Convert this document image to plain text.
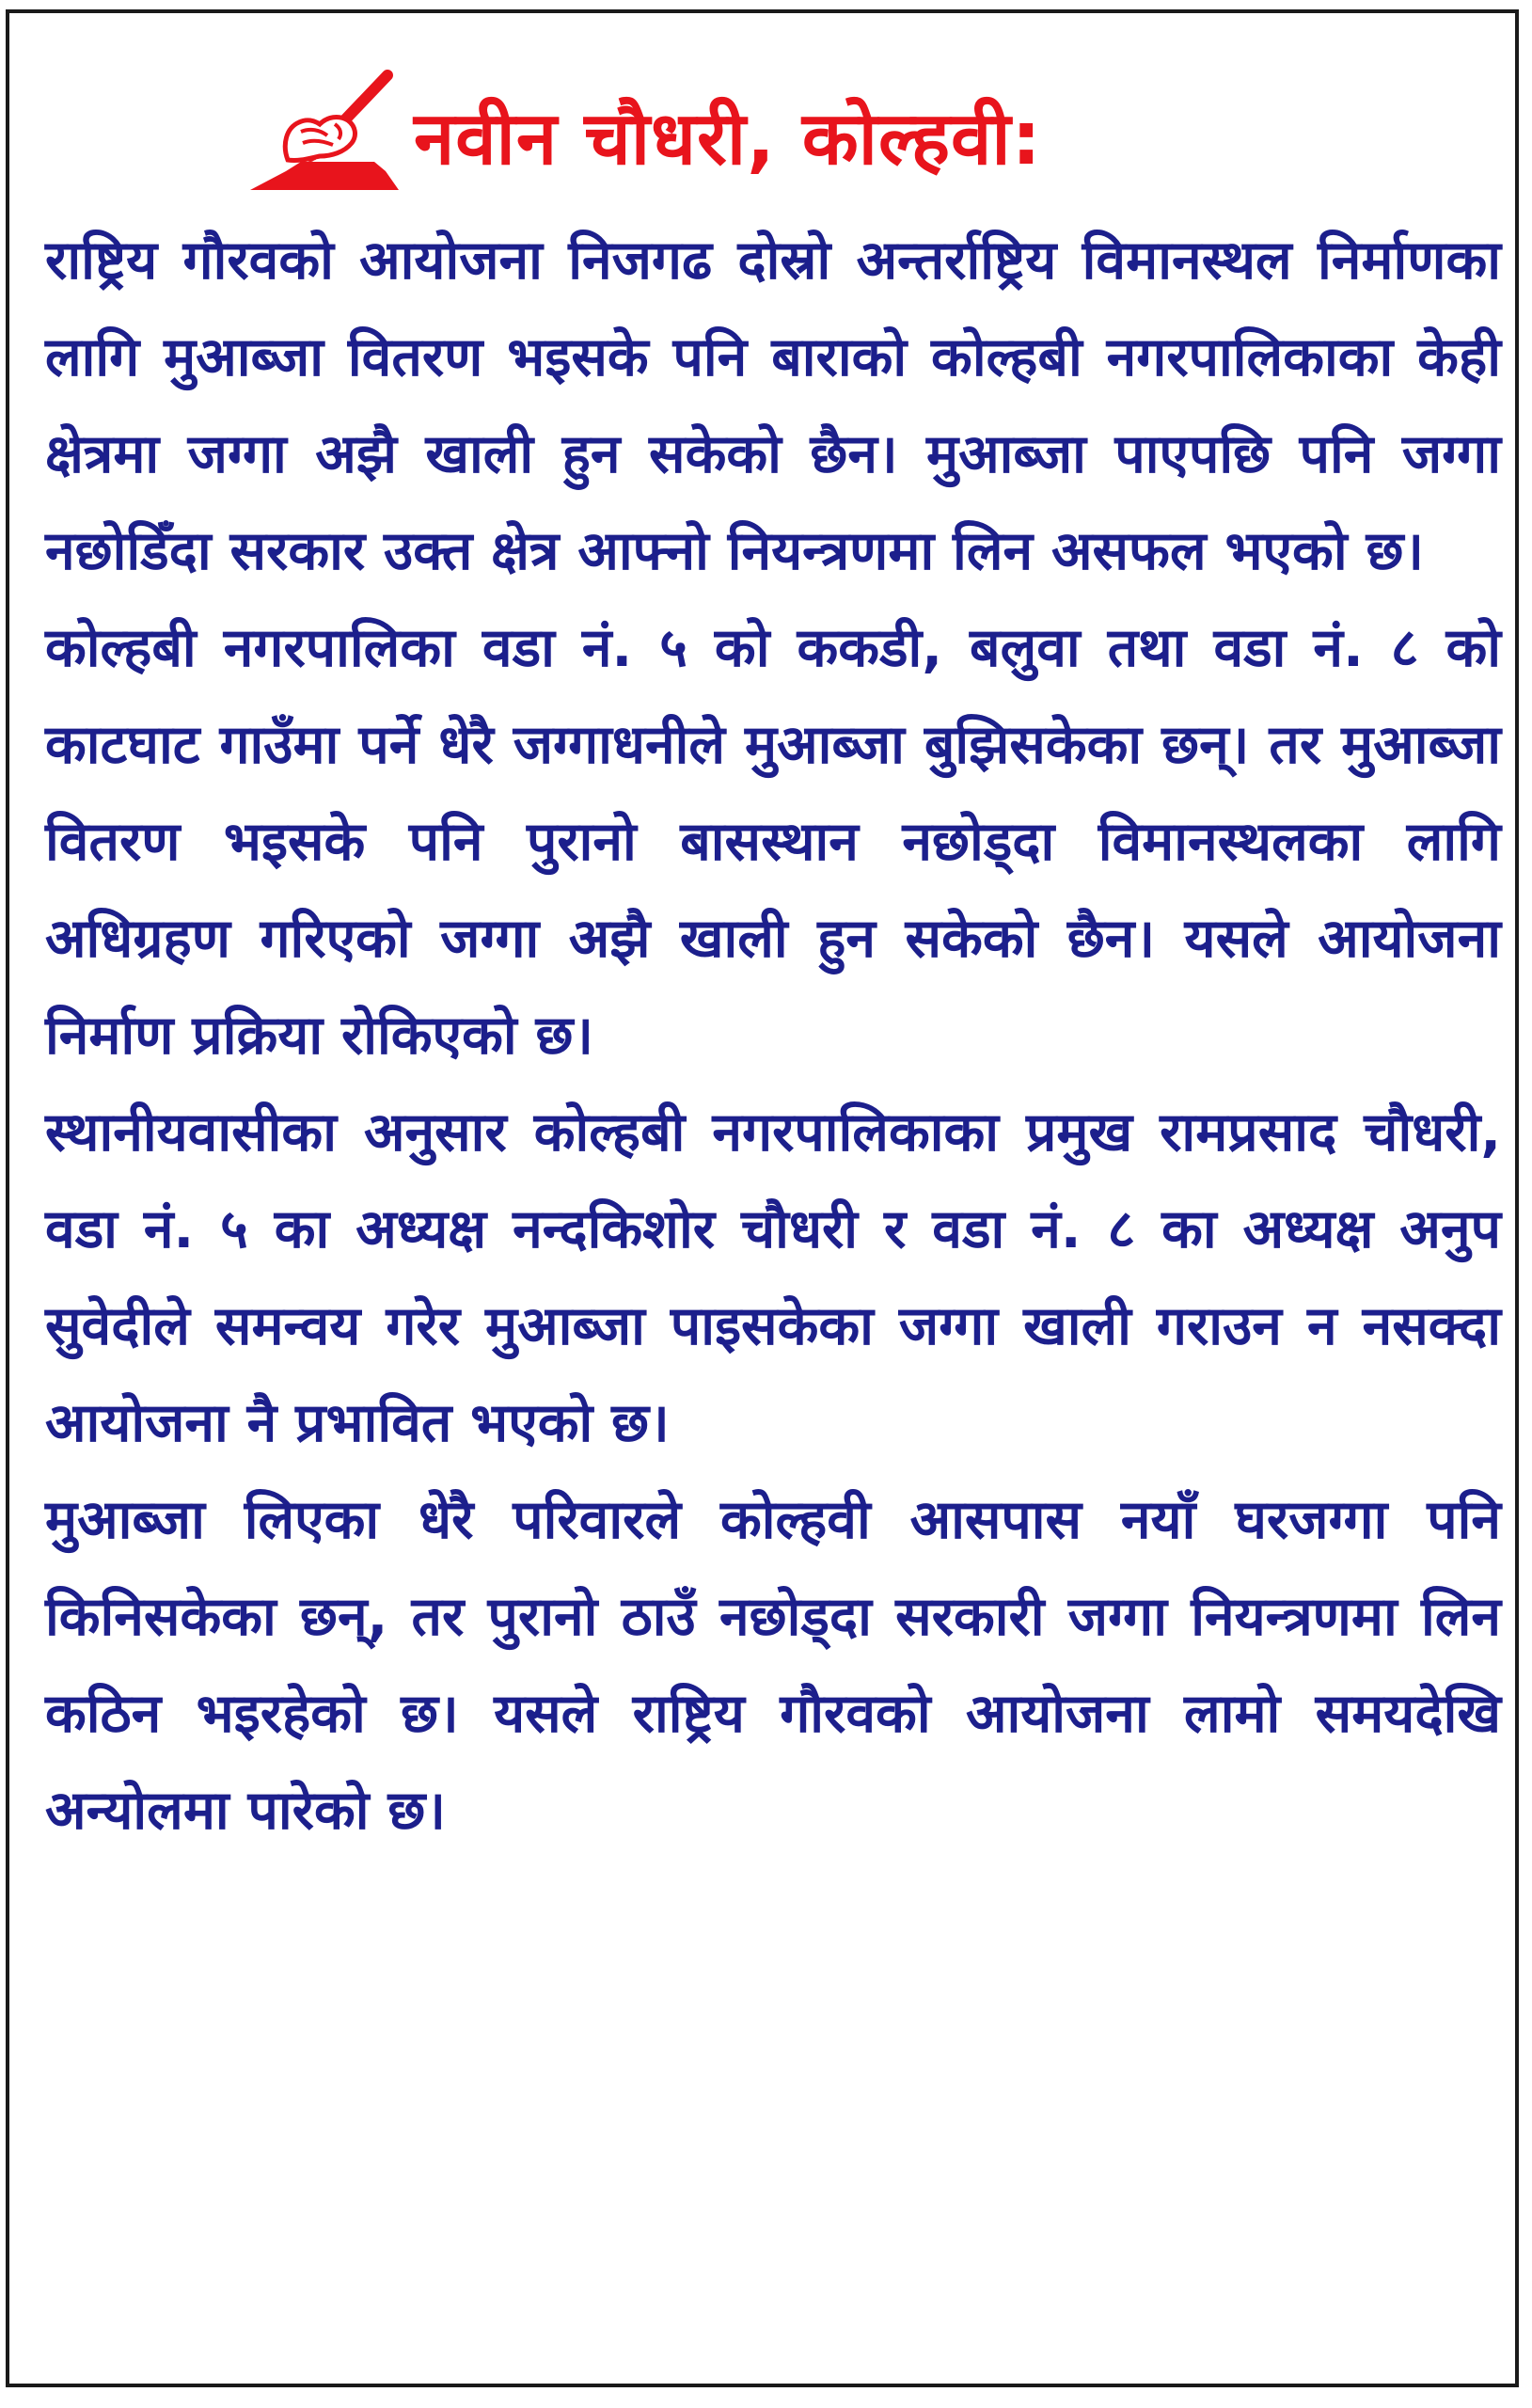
नवीन चौधरी, कोल्हवी:

राष्ट्रिय गौरवको आयोजना निजगढ दोस्रो अन्तर्राष्ट्रिय विमानस्थल निर्माणका लागि मुआब्जा वितरण भइसके पनि बाराको कोल्हबी नगरपालिकाका केही क्षेत्रमा जग्गा अझै खाली हुन सकेको छैन। मुआब्जा पाएपछि पनि जग्गा नछोडिँदा सरकार उक्त क्षेत्र आफ्नो नियन्त्रणमा लिन असफल भएको छ।

कोल्हबी नगरपालिका वडा नं. ५ को ककडी, बलुवा तथा वडा नं. ८ को काटघाट गाउँमा पर्ने धेरै जग्गाधनीले मुआब्जा बुझिसकेका छन्। तर मुआब्जा वितरण भइसके पनि पुरानो बासस्थान नछोड्दा विमानस्थलका लागि अधिग्रहण गरिएको जग्गा अझै खाली हुन सकेको छैन। यसले आयोजना निर्माण प्रक्रिया रोकिएको छ।

स्थानीयवासीका अनुसार कोल्हबी नगरपालिकाका प्रमुख रामप्रसाद चौधरी, वडा नं. ५ का अध्यक्ष नन्दकिशोर चौधरी र वडा नं. ८ का अध्यक्ष अनुप सुवेदीले समन्वय गरेर मुआब्जा पाइसकेका जग्गा खाली गराउन न नसक्दा आयोजना नै प्रभावित भएको छ।

मुआब्जा लिएका धेरै परिवारले कोल्हवी आसपास नयाँ घरजग्गा पनि किनिसकेका छन्, तर पुरानो ठाउँ नछोड्दा सरकारी जग्गा नियन्त्रणमा लिन कठिन भइरहेको छ। यसले राष्ट्रिय गौरवको आयोजना लामो समयदेखि अन्योलमा पारेको छ।
